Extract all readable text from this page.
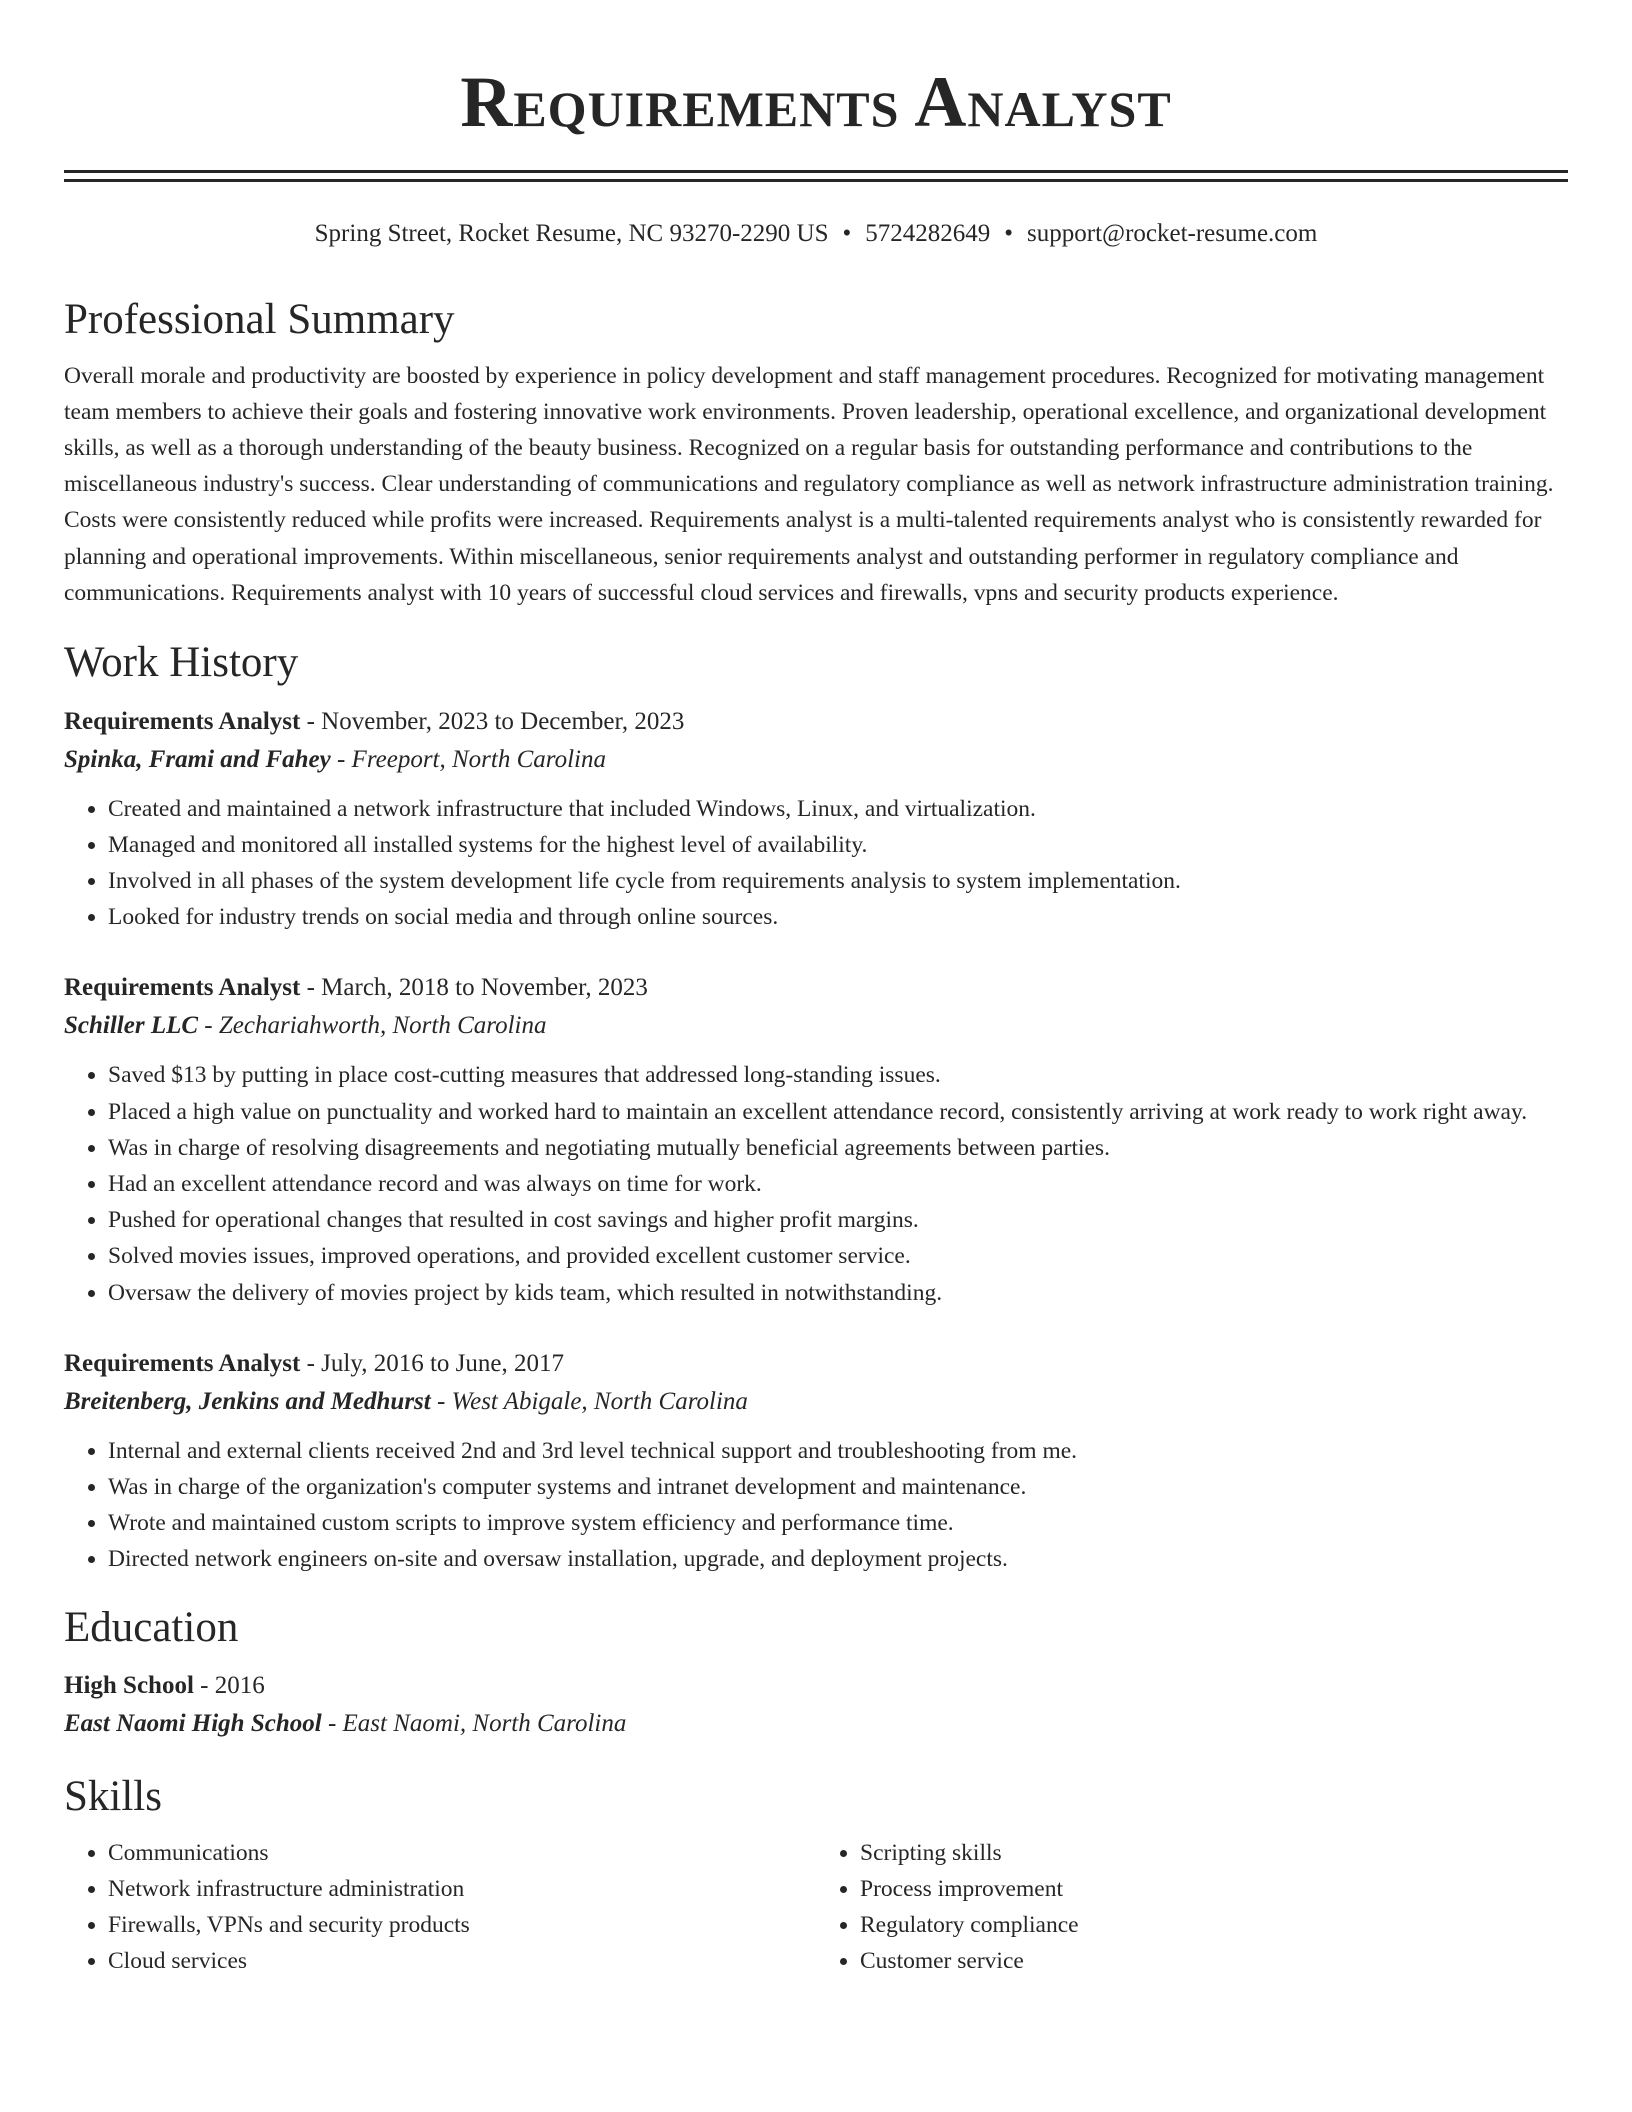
Requirements Analyst
Spring Street, Rocket Resume, NC 93270-2290 US • 5724282649 • support@rocket-resume.com
Professional Summary
Overall morale and productivity are boosted by experience in policy development and staff management procedures. Recognized for motivating management team members to achieve their goals and fostering innovative work environments. Proven leadership, operational excellence, and organizational development skills, as well as a thorough understanding of the beauty business. Recognized on a regular basis for outstanding performance and contributions to the miscellaneous industry's success. Clear understanding of communications and regulatory compliance as well as network infrastructure administration training. Costs were consistently reduced while profits were increased. Requirements analyst is a multi-talented requirements analyst who is consistently rewarded for planning and operational improvements. Within miscellaneous, senior requirements analyst and outstanding performer in regulatory compliance and communications. Requirements analyst with 10 years of successful cloud services and firewalls, vpns and security products experience.
Work History
Requirements Analyst - November, 2023 to December, 2023
Spinka, Frami and Fahey - Freeport, North Carolina
• Created and maintained a network infrastructure that included Windows, Linux, and virtualization.
• Managed and monitored all installed systems for the highest level of availability.
• Involved in all phases of the system development life cycle from requirements analysis to system implementation.
• Looked for industry trends on social media and through online sources.
Requirements Analyst - March, 2018 to November, 2023
Schiller LLC - Zechariahworth, North Carolina
• Saved $13 by putting in place cost-cutting measures that addressed long-standing issues.
• Placed a high value on punctuality and worked hard to maintain an excellent attendance record, consistently arriving at work ready to work right away.
• Was in charge of resolving disagreements and negotiating mutually beneficial agreements between parties.
• Had an excellent attendance record and was always on time for work.
• Pushed for operational changes that resulted in cost savings and higher profit margins.
• Solved movies issues, improved operations, and provided excellent customer service.
• Oversaw the delivery of movies project by kids team, which resulted in notwithstanding.
Requirements Analyst - July, 2016 to June, 2017
Breitenberg, Jenkins and Medhurst - West Abigale, North Carolina
• Internal and external clients received 2nd and 3rd level technical support and troubleshooting from me.
• Was in charge of the organization's computer systems and intranet development and maintenance.
• Wrote and maintained custom scripts to improve system efficiency and performance time.
• Directed network engineers on-site and oversaw installation, upgrade, and deployment projects.
Education
High School - 2016
East Naomi High School - East Naomi, North Carolina
Skills
• Communications
• Network infrastructure administration
• Firewalls, VPNs and security products
• Cloud services
• Scripting skills
• Process improvement
• Regulatory compliance
• Customer service
